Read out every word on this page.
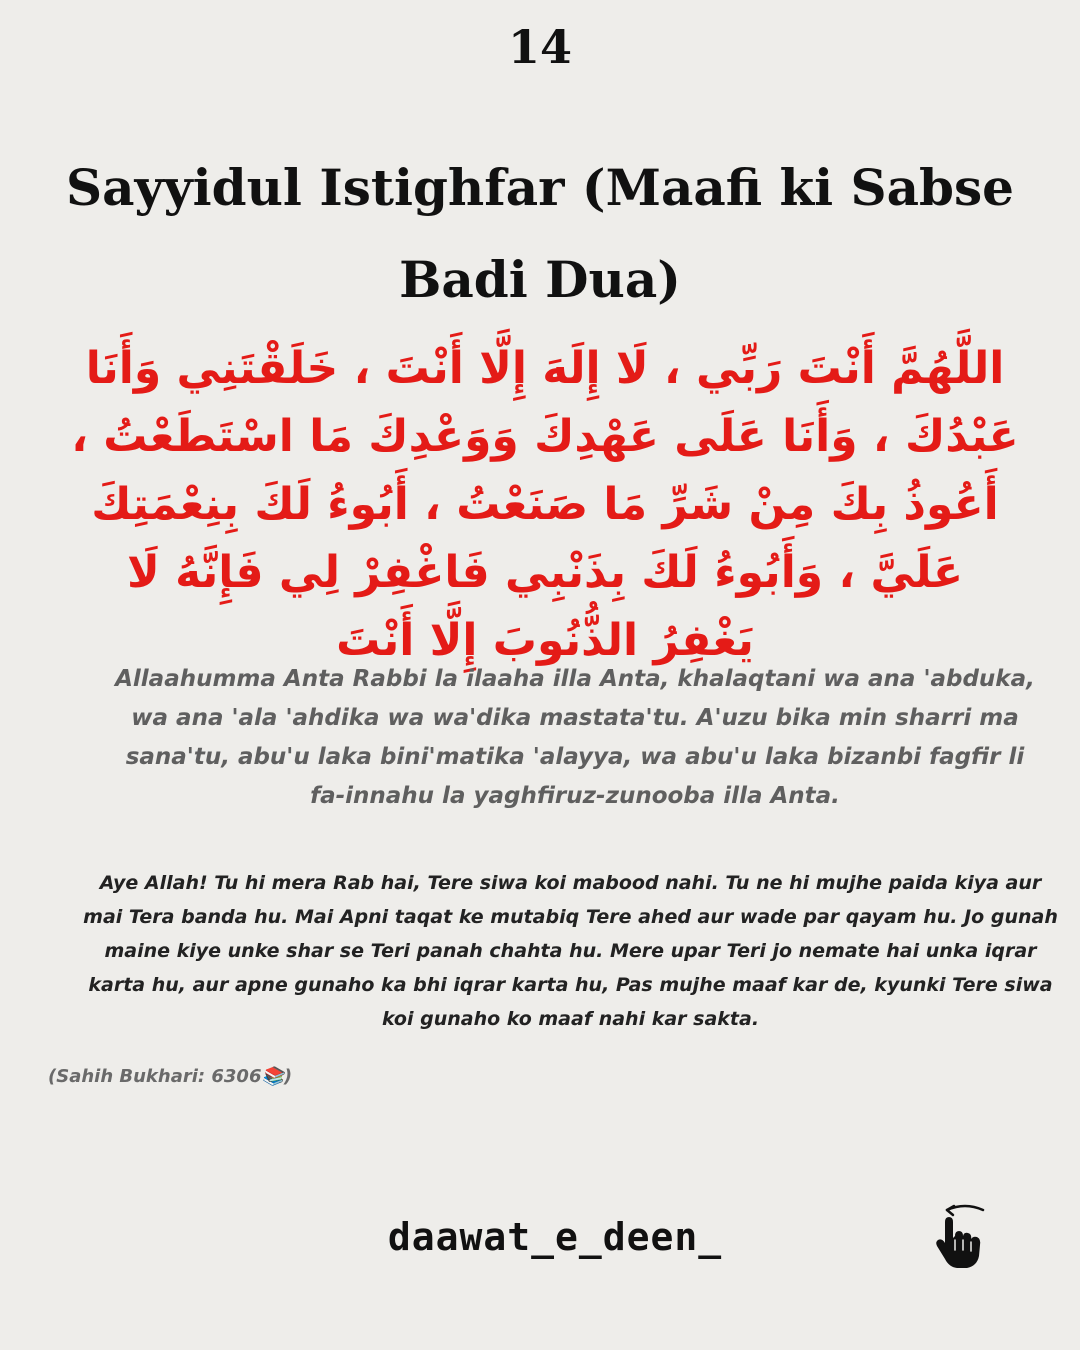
14
Sayyidul Istighfar (Maafi ki Sabse Badi Dua)
اللَّهُمَّ أَنْتَ رَبِّي ، لَا إِلَهَ إِلَّا أَنْتَ ، خَلَقْتَنِي وَأَنَا عَبْدُكَ ، وَأَنَا عَلَى عَهْدِكَ وَوَعْدِكَ مَا اسْتَطَعْتُ ، أَعُوذُ بِكَ مِنْ شَرِّ مَا صَنَعْتُ ، أَبُوءُ لَكَ بِنِعْمَتِكَ عَلَيَّ ، وَأَبُوءُ لَكَ بِذَنْبِي فَاغْفِرْ لِي فَإِنَّهُ لَا يَغْفِرُ الذُّنُوبَ إِلَّا أَنْتَ
Allaahumma Anta Rabbi la ilaaha illa Anta, khalaqtani wa ana 'abduka, wa ana 'ala 'ahdika wa wa'dika mastata'tu. A'uzu bika min sharri ma sana'tu, abu'u laka bini'matika 'alayya, wa abu'u laka bizanbi fagfir li fa-innahu la yaghfiruz-zunooba illa Anta.
Aye Allah! Tu hi mera Rab hai, Tere siwa koi mabood nahi. Tu ne hi mujhe paida kiya aur mai Tera banda hu. Mai Apni taqat ke mutabiq Tere ahed aur wade par qayam hu. Jo gunah maine kiye unke shar se Teri panah chahta hu. Mere upar Teri jo nemate hai unka iqrar karta hu, aur apne gunaho ka bhi iqrar karta hu, Pas mujhe maaf kar de, kyunki Tere siwa koi gunaho ko maaf nahi kar sakta.
(Sahih Bukhari: 6306📚)
daawat_e_deen_
